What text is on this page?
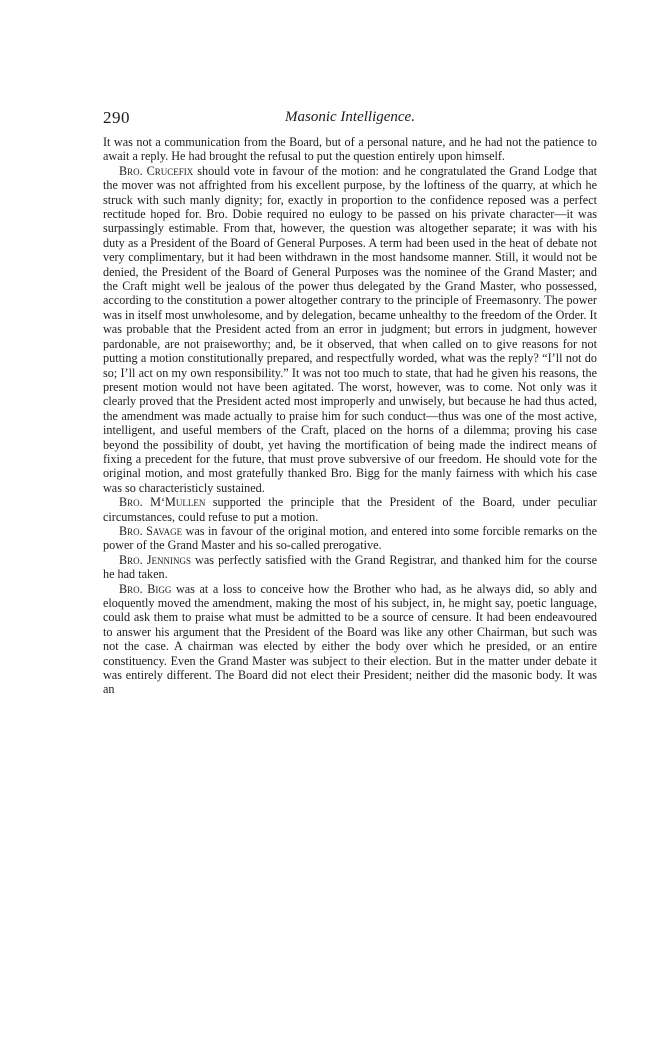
290	Masonic Intelligence.

It was not a communication from the Board, but of a personal nature, and he had not the patience to await a reply. He had brought the refusal to put the question entirely upon himself.

Bro. Crucefix should vote in favour of the motion: and he congratulated the Grand Lodge that the mover was not affrighted from his excellent purpose, by the loftiness of the quarry, at which he struck with such manly dignity; for, exactly in proportion to the confidence reposed was a perfect rectitude hoped for. Bro. Dobie required no eulogy to be passed on his private character—it was surpassingly estimable. From that, however, the question was altogether separate; it was with his duty as a President of the Board of General Purposes. A term had been used in the heat of debate not very complimentary, but it had been withdrawn in the most handsome manner. Still, it would not be denied, the President of the Board of General Purposes was the nominee of the Grand Master; and the Craft might well be jealous of the power thus delegated by the Grand Master, who possessed, according to the constitution a power altogether contrary to the principle of Freemasonry. The power was in itself most unwholesome, and by delegation, became unhealthy to the freedom of the Order. It was probable that the President acted from an error in judgment; but errors in judgment, however pardonable, are not praiseworthy; and, be it observed, that when called on to give reasons for not putting a motion constitutionally prepared, and respectfully worded, what was the reply? “I’ll not do so; I’ll act on my own responsibility.” It was not too much to state, that had he given his reasons, the present motion would not have been agitated. The worst, however, was to come. Not only was it clearly proved that the President acted most improperly and unwisely, but because he had thus acted, the amendment was made actually to praise him for such conduct—thus was one of the most active, intelligent, and useful members of the Craft, placed on the horns of a dilemma; proving his case beyond the possibility of doubt, yet having the mortification of being made the indirect means of fixing a precedent for the future, that must prove subversive of our freedom. He should vote for the original motion, and most gratefully thanked Bro. Bigg for the manly fairness with which his case was so characteristicly sustained.

Bro. M‘Mullen supported the principle that the President of the Board, under peculiar circumstances, could refuse to put a motion.

Bro. Savage was in favour of the original motion, and entered into some forcible remarks on the power of the Grand Master and his so-called prerogative.

Bro. Jennings was perfectly satisfied with the Grand Registrar, and thanked him for the course he had taken.

Bro. Bigg was at a loss to conceive how the Brother who had, as he always did, so ably and eloquently moved the amendment, making the most of his subject, in, he might say, poetic language, could ask them to praise what must be admitted to be a source of censure. It had been endeavoured to answer his argument that the President of the Board was like any other Chairman, but such was not the case. A chairman was elected by either the body over which he presided, or an entire constituency. Even the Grand Master was subject to their election. But in the matter under debate it was entirely different. The Board did not elect their President; neither did the masonic body. It was an
